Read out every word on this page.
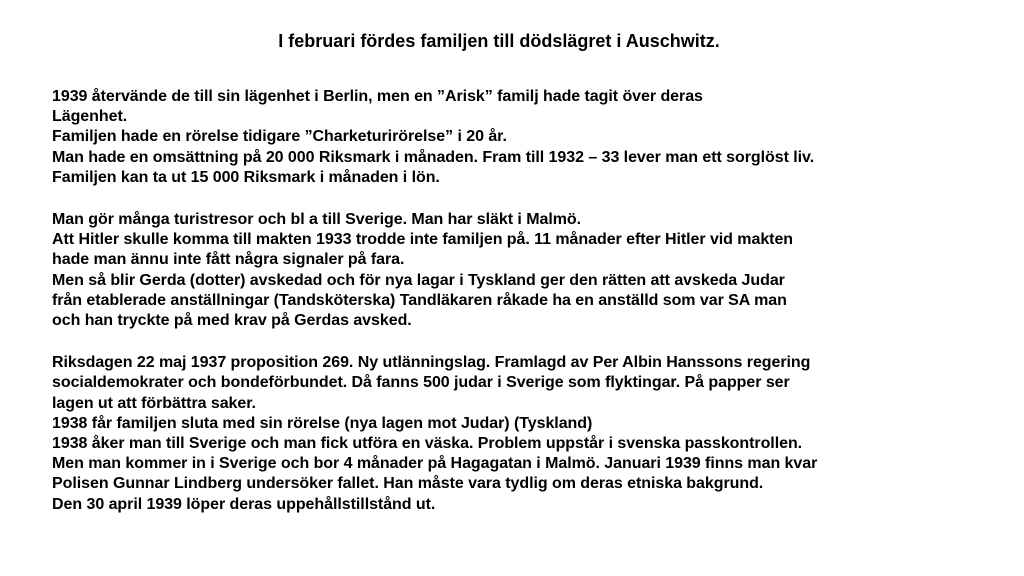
I februari fördes familjen till dödslägret i Auschwitz.

1939 återvände de till sin lägenhet i Berlin, men en ”Arisk” familj hade tagit över deras

Lägenhet.

Familjen hade en rörelse tidigare ”Charketurirörelse” i 20 år.

Man hade en omsättning på 20 000 Riksmark i månaden. Fram till 1932 – 33 lever man ett sorglöst liv.

Familjen kan ta ut 15 000 Riksmark i månaden i lön.

Man gör många turistresor och bl a till Sverige. Man har släkt i Malmö.

Att Hitler skulle komma till makten 1933 trodde inte familjen på. 11 månader efter Hitler vid makten

hade man ännu inte fått några signaler på fara.

Men så blir Gerda (dotter) avskedad och för nya lagar i Tyskland ger den rätten att avskeda Judar

från etablerade anställningar (Tandsköterska) Tandläkaren råkade ha en anställd som var SA man

och han tryckte på med krav på Gerdas avsked.

Riksdagen 22 maj 1937 proposition 269. Ny utlänningslag. Framlagd av Per Albin Hanssons regering

socialdemokrater och bondeförbundet. Då fanns 500 judar i Sverige som flyktingar. På papper ser

lagen ut att förbättra saker.

1938 får familjen sluta med sin rörelse (nya lagen mot Judar) (Tyskland)

1938 åker man till Sverige och man fick utföra en väska. Problem uppstår i svenska passkontrollen.

Men man kommer in i Sverige och bor 4 månader på Hagagatan i Malmö. Januari 1939 finns man kvar

Polisen Gunnar Lindberg undersöker fallet. Han måste vara tydlig om deras etniska bakgrund.

Den 30 april 1939 löper deras uppehållstillstånd ut.
